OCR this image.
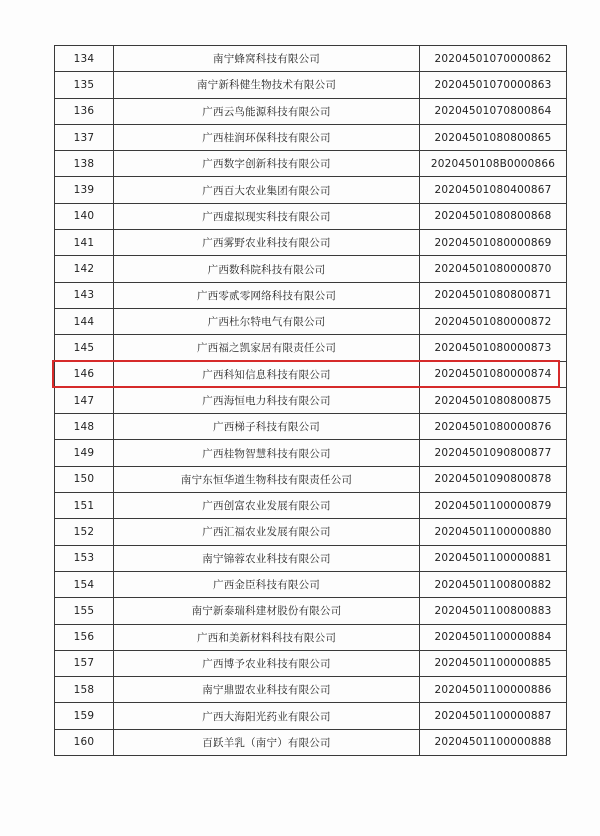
134	南宁蜂窝科技有限公司	20204501070000862
135	南宁新科健生物技术有限公司	20204501070000863
136	广西云鸟能源科技有限公司	20204501070800864
137	广西桂润环保科技有限公司	20204501080800865
138	广西数字创新科技有限公司	2020450108B0000866
139	广西百大农业集团有限公司	20204501080400867
140	广西虚拟现实科技有限公司	20204501080800868
141	广西雾野农业科技有限公司	20204501080000869
142	广西数科院科技有限公司	20204501080000870
143	广西零贰零网络科技有限公司	20204501080800871
144	广西杜尔特电气有限公司	20204501080000872
145	广西福之凯家居有限责任公司	20204501080000873
146	广西科知信息科技有限公司	20204501080000874
147	广西海恒电力科技有限公司	20204501080800875
148	广西梯子科技有限公司	20204501080000876
149	广西桂物智慧科技有限公司	20204501090800877
150	南宁东恒华道生物科技有限责任公司	20204501090800878
151	广西创富农业发展有限公司	20204501100000879
152	广西汇福农业发展有限公司	20204501100000880
153	南宁锦蓉农业科技有限公司	20204501100000881
154	广西金臣科技有限公司	20204501100800882
155	南宁新泰瑞科建材股份有限公司	20204501100800883
156	广西和美新材料科技有限公司	20204501100000884
157	广西博予农业科技有限公司	20204501100000885
158	南宁鼎盟农业科技有限公司	20204501100000886
159	广西大海阳光药业有限公司	20204501100000887
160	百跃羊乳（南宁）有限公司	20204501100000888
